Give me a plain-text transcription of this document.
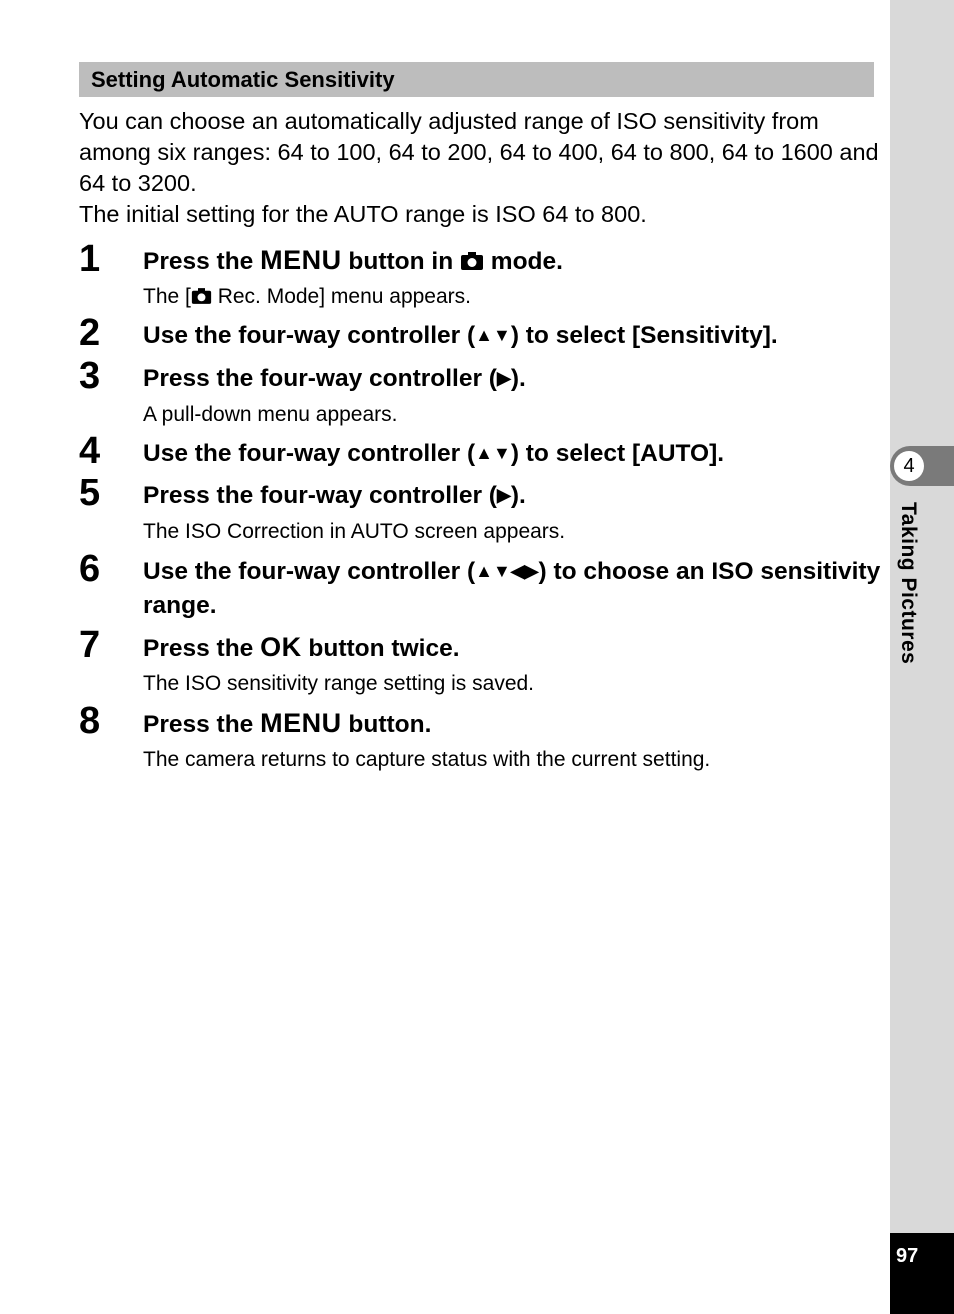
Setting Automatic Sensitivity

You can choose an automatically adjusted range of ISO sensitivity from among six ranges: 64 to 100, 64 to 200, 64 to 400, 64 to 800, 64 to 1600 and 64 to 3200.

The initial setting for the AUTO range is ISO 64 to 800.

1 Press the MENU button in  mode.
The [ Rec. Mode] menu appears.
2 Use the four-way controller (▲▼) to select [Sensitivity].
3 Press the four-way controller (▶).
A pull-down menu appears.
4 Use the four-way controller (▲▼) to select [AUTO].
5 Press the four-way controller (▶).
The ISO Correction in AUTO screen appears.
6 Use the four-way controller (▲▼◀▶) to choose an ISO sensitivity range.
7 Press the OK button twice.
The ISO sensitivity range setting is saved.
8 Press the MENU button.
The camera returns to capture status with the current setting.
4
Taking Pictures
97
